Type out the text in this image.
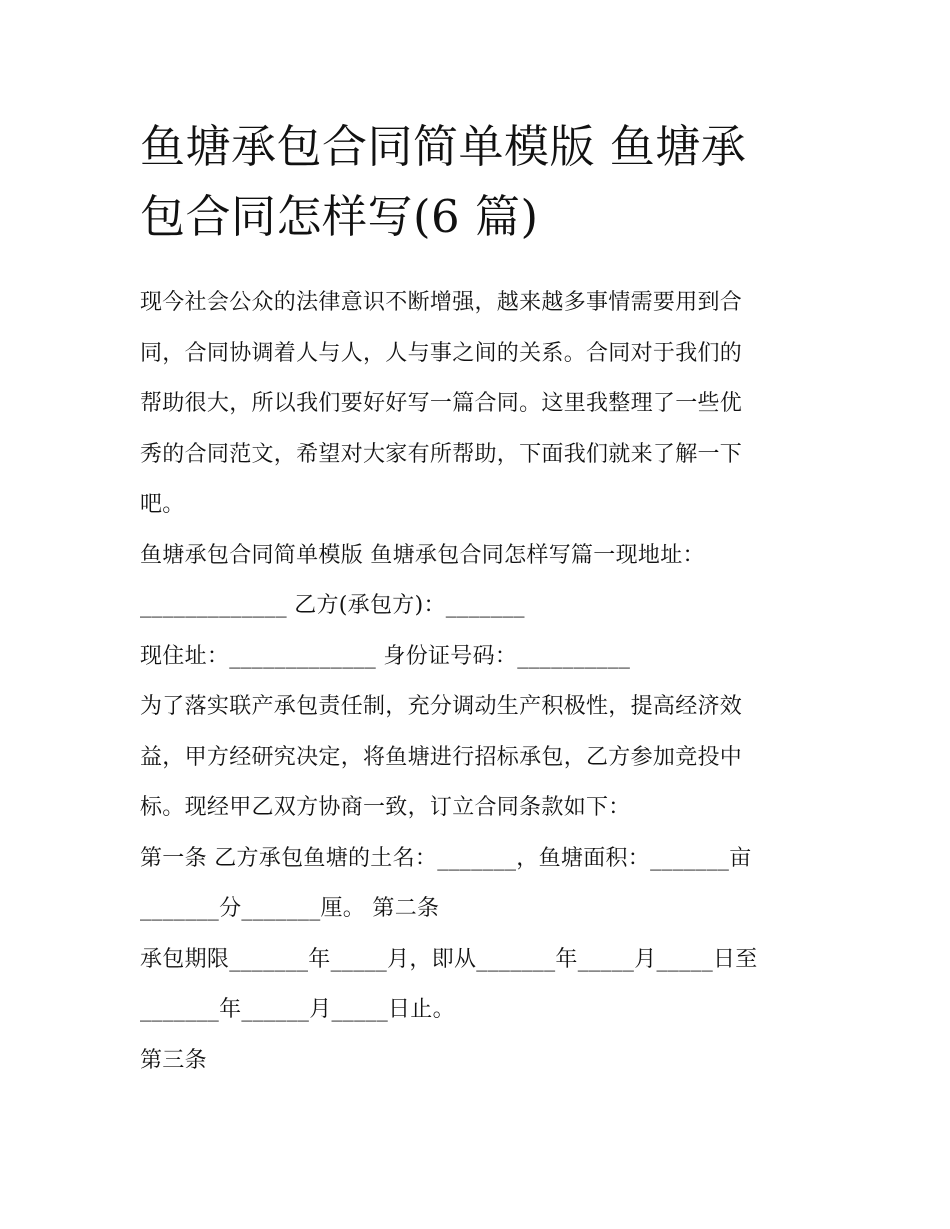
鱼塘承包合同简单模版 鱼塘承
包合同怎样写(6 篇)

现今社会公众的法律意识不断增强，越来越多事情需要用到合
同，合同协调着人与人，人与事之间的关系。合同对于我们的
帮助很大，所以我们要好好写一篇合同。这里我整理了一些优
秀的合同范文，希望对大家有所帮助，下面我们就来了解一下
吧。

鱼塘承包合同简单模版 鱼塘承包合同怎样写篇一现地址：
_____________ 乙方(承包方)：_______

现住址：_____________ 身份证号码：__________

为了落实联产承包责任制，充分调动生产积极性，提高经济效
益，甲方经研究决定，将鱼塘进行招标承包，乙方参加竞投中
标。现经甲乙双方协商一致，订立合同条款如下：

第一条 乙方承包鱼塘的土名：_______，鱼塘面积：_______亩
_______分_______厘。 第二条

承包期限_______年_____月，即从_______年_____月_____日至
_______年______月_____日止。

第三条
